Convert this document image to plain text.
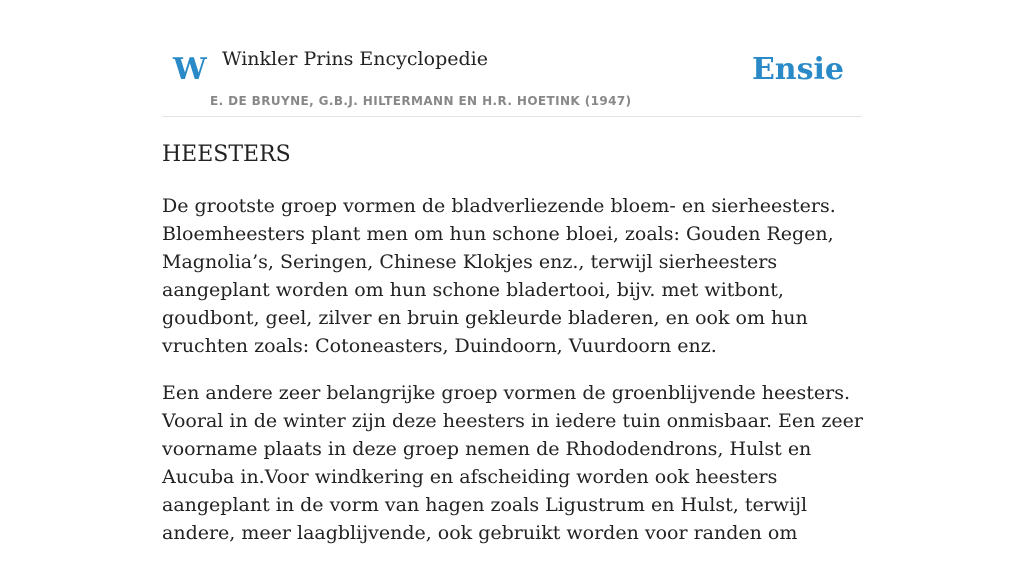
W Winkler Prins Encyclopedie
E. DE BRUYNE, G.B.J. HILTERMANN EN H.R. HOETINK (1947)
Ensie
HEESTERS

De grootste groep vormen de bladverliezende bloem- en sierheesters. Bloemheesters plant men om hun schone bloei, zoals: Gouden Regen, Magnolia’s, Seringen, Chinese Klokjes enz., terwijl sierheesters aangeplant worden om hun schone bladertooi, bijv. met witbont, goudbont, geel, zilver en bruin gekleurde bladeren, en ook om hun vruchten zoals: Cotoneasters, Duindoorn, Vuurdoorn enz.

Een andere zeer belangrijke groep vormen de groenblijvende heesters. Vooral in de winter zijn deze heesters in iedere tuin onmisbaar. Een zeer voorname plaats in deze groep nemen de Rhododendrons, Hulst en Aucuba in.Voor windkering en afscheiding worden ook heesters aangeplant in de vorm van hagen zoals Ligustrum en Hulst, terwijl andere, meer laagblijvende, ook gebruikt worden voor randen om
